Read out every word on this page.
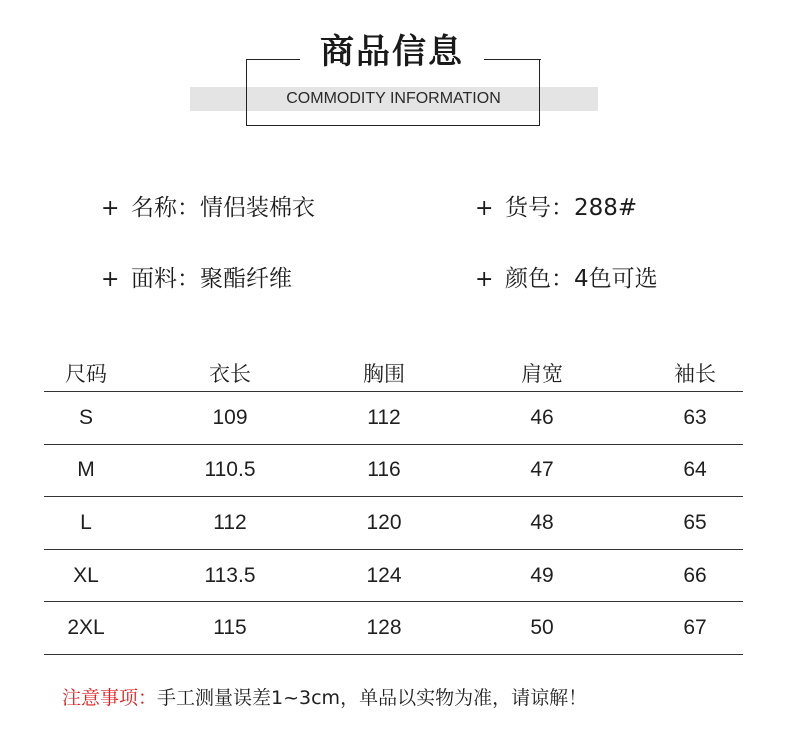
商品信息
COMMODITY INFORMATION
+ 名称：情侣装棉衣	+ 货号：288#
+ 面料：聚酯纤维	+ 颜色：4色可选
尺码	衣长	胸围	肩宽	袖长
S	109	112	46	63
M	110.5	116	47	64
L	112	120	48	65
XL	113.5	124	49	66
2XL	115	128	50	67
注意事项：手工测量误差1~3cm，单品以实物为准，请谅解！
